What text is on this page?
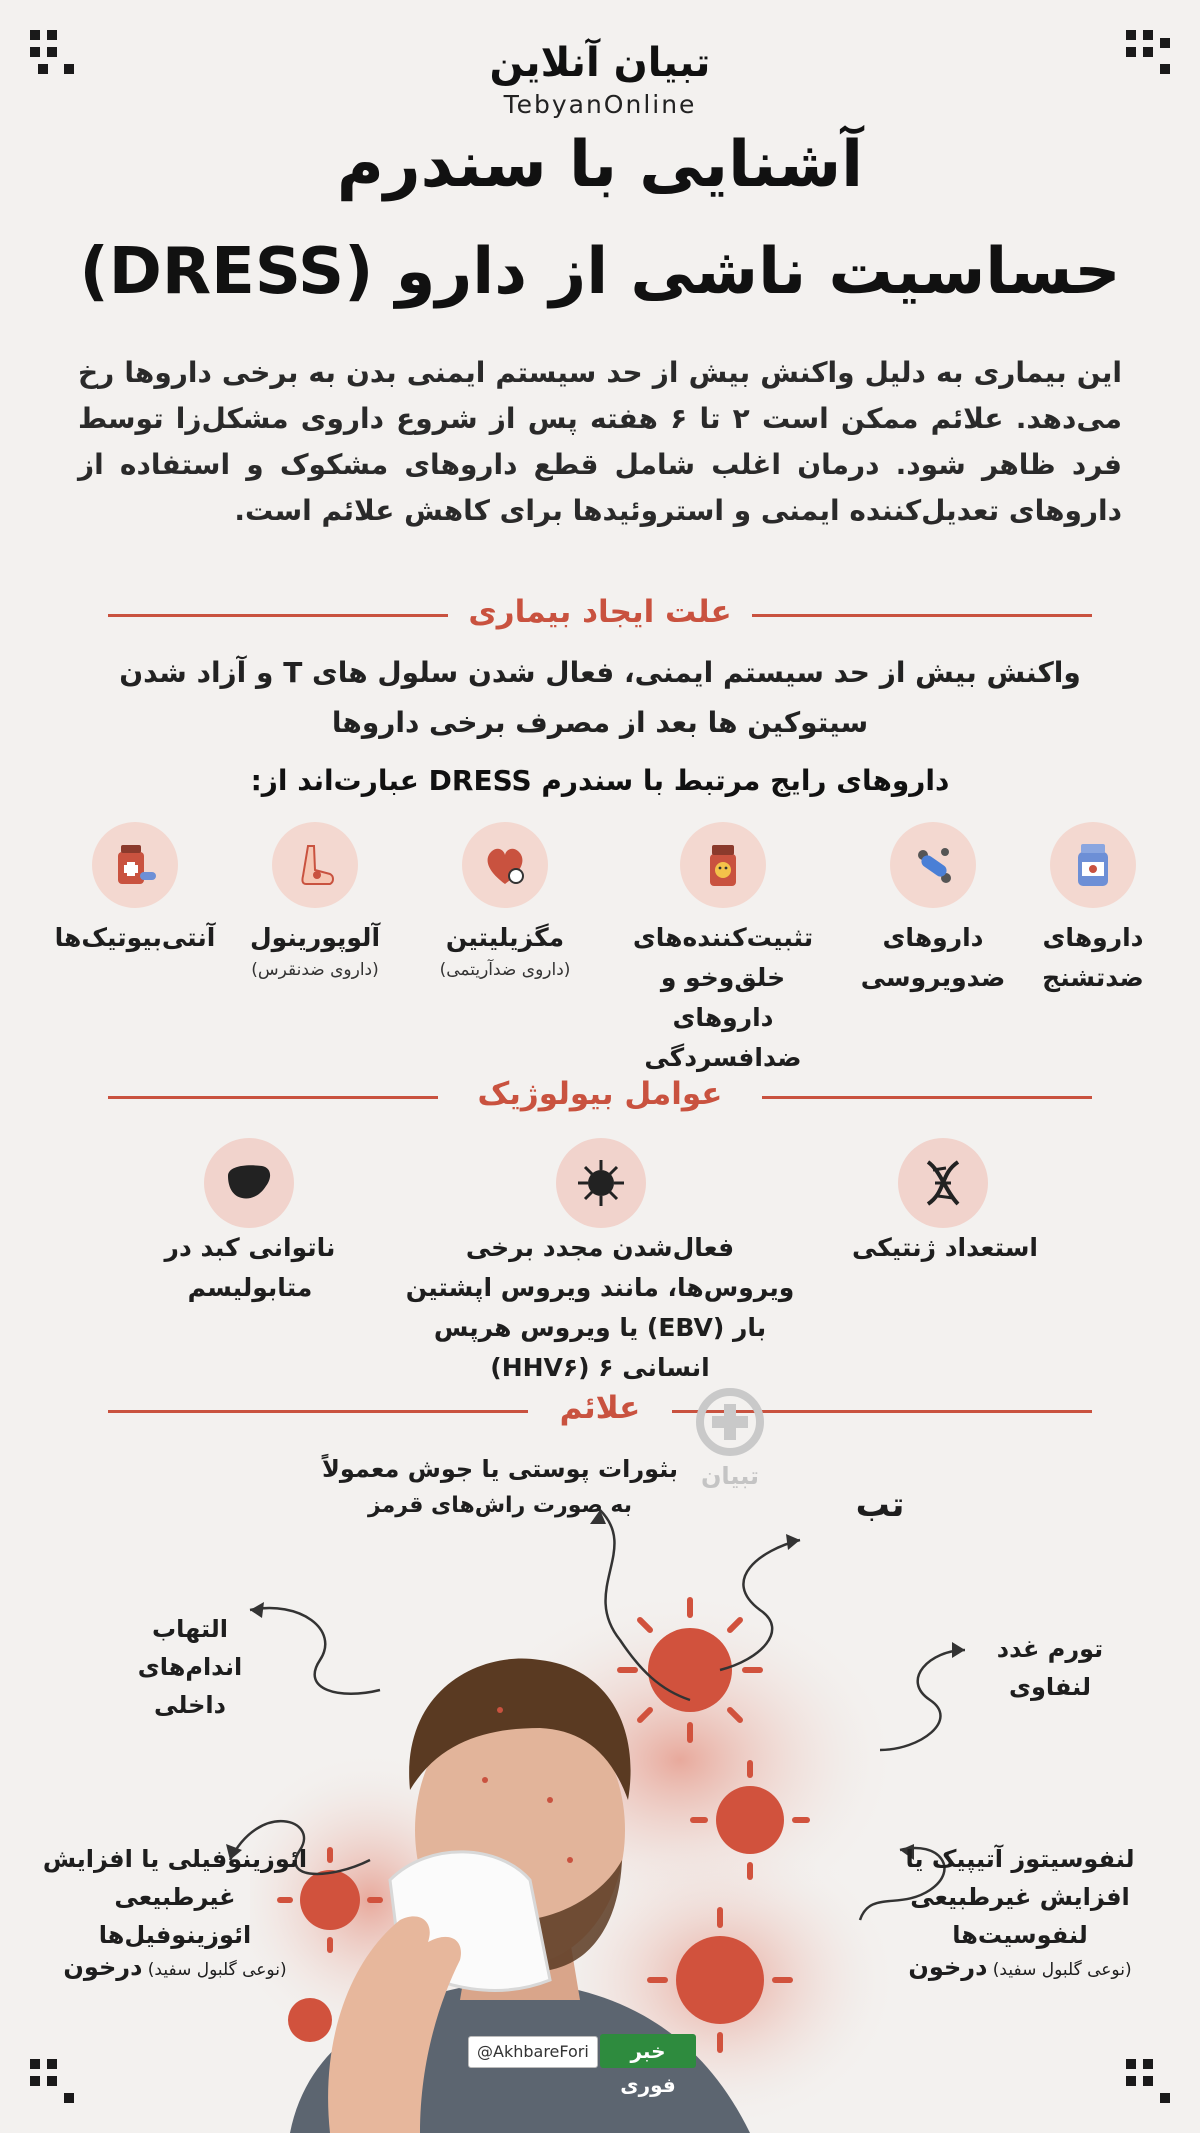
تبیان آنلاین
TebyanOnline
آشنایی با سندرم
حساسیت ناشی از دارو (DRESS)
این بیماری به دلیل واکنش بیش از حد سیستم ایمنی بدن به برخی داروها رخ می‌دهد. علائم ممکن است ۲ تا ۶ هفته پس از شروع داروی مشکل‌زا توسط فرد ظاهر شود. درمان اغلب شامل قطع داروهای مشکوک و استفاده از داروهای تعدیل‌کننده ایمنی و استروئیدها برای کاهش علائم است.
علت ایجاد بیماری
واکنش بیش از حد سیستم ایمنی، فعال شدن سلول های T و آزاد شدن سیتوکین ها بعد از مصرف برخی داروها
داروهای رایج مرتبط با سندرم DRESS عبارت‌اند از:
داروهای ضدتشنج
داروهای ضدویروسی
تثبیت‌کننده‌های خلق‌وخو و داروهای ضدافسردگی
مگزیلیتین
(داروی ضدآریتمی)
آلوپورینول
(داروی ضدنقرس)
آنتی‌بیوتیک‌ها
عوامل بیولوژیک
استعداد ژنتیکی
فعال‌شدن مجدد برخی ویروس‌ها، مانند ویروس اپشتین بار (EBV) یا ویروس هرپس انسانی ۶ (HHV۶)
ناتوانی کبد در متابولیسم
علائم
تبیان
بثورات پوستی یا جوش معمولاً
به صورت راش‌های قرمز	تب
التهاب اندام‌های داخلی
تورم غدد لنفاوی
ائوزینوفیلی یا افزایش غیرطبیعی ائوزینوفیل‌ها
(نوعی گلبول سفید) درخون
لنفوسیتوز آتیپیک یا افزایش غیرطبیعی لنفوسیت‌ها
(نوعی گلبول سفید) درخون
@AkhbareFori	خبر فوری
